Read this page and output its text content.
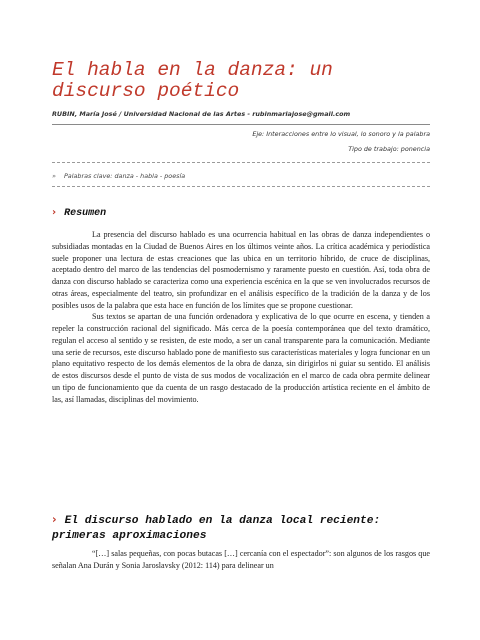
El habla en la danza: un discurso poético
RUBIN, María José / Universidad Nacional de las Artes - rubinmariajose@gmail.com
Eje: Interacciones entre lo visual, lo sonoro y la palabra
Tipo de trabajo: ponencia
» Palabras clave: danza - habla - poesía
› Resumen

La presencia del discurso hablado es una ocurrencia habitual en las obras de danza independientes o subsidiadas montadas en la Ciudad de Buenos Aires en los últimos veinte años. La crítica académica y periodística suele proponer una lectura de estas creaciones que las ubica en un territorio híbrido, de cruce de disciplinas, aceptado dentro del marco de las tendencias del posmodernismo y raramente puesto en cuestión. Así, toda obra de danza con discurso hablado se caracteriza como una experiencia escénica en la que se ven involucrados recursos de otras áreas, especialmente del teatro, sin profundizar en el análisis específico de la tradición de la danza y de los posibles usos de la palabra que esta hace en función de los límites que se propone cuestionar.

Sus textos se apartan de una función ordenadora y explicativa de lo que ocurre en escena, y tienden a repeler la construcción racional del significado. Más cerca de la poesía contemporánea que del texto dramático, regulan el acceso al sentido y se resisten, de este modo, a ser un canal transparente para la comunicación. Mediante una serie de recursos, este discurso hablado pone de manifiesto sus características materiales y logra funcionar en un plano equitativo respecto de los demás elementos de la obra de danza, sin dirigirlos ni guiar su sentido. El análisis de estos discursos desde el punto de vista de sus modos de vocalización en el marco de cada obra permite delinear un tipo de funcionamiento que da cuenta de un rasgo destacado de la producción artística reciente en el ámbito de las, así llamadas, disciplinas del movimiento.

› El discurso hablado en la danza local reciente: primeras aproximaciones

“[…] salas pequeñas, con pocas butacas […] cercanía con el espectador”: son algunos de los rasgos que señalan Ana Durán y Sonia Jaroslavsky (2012: 114) para delinear un
